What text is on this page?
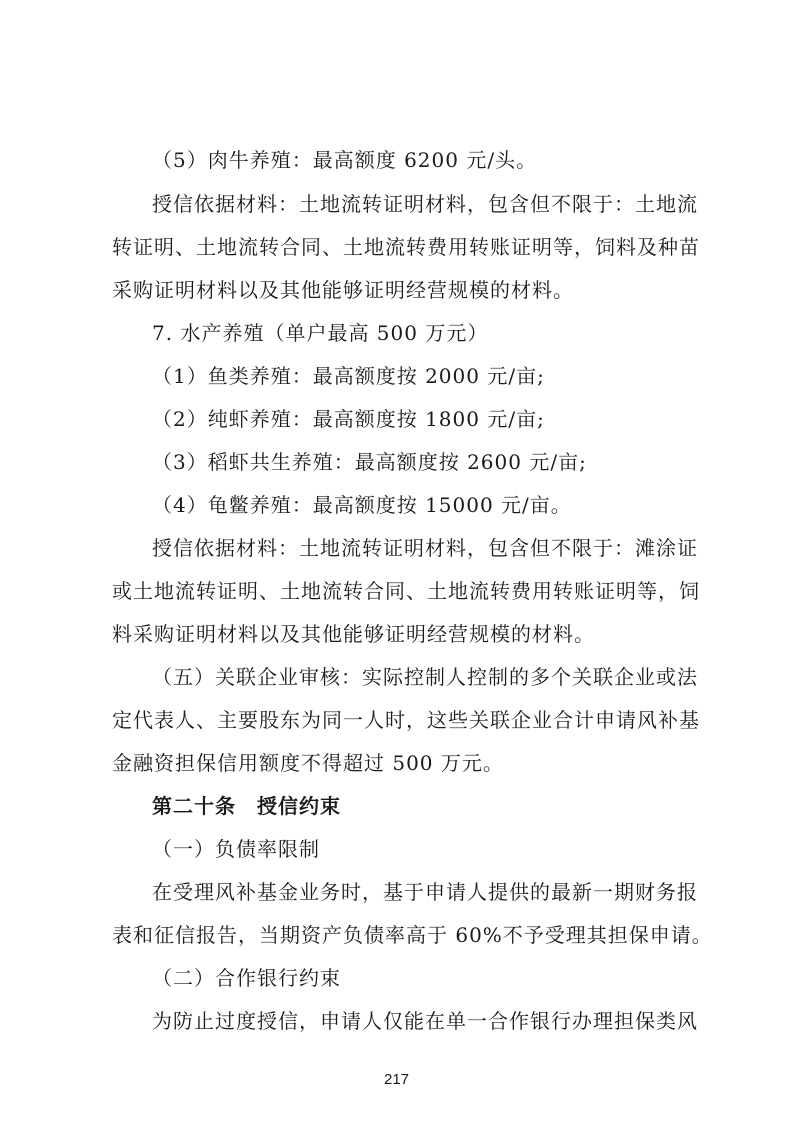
（5）肉牛养殖：最高额度 6200 元/头。
授信依据材料：土地流转证明材料，包含但不限于：土地流
转证明、土地流转合同、土地流转费用转账证明等，饲料及种苗
采购证明材料以及其他能够证明经营规模的材料。
7. 水产养殖（单户最高 500 万元）
（1）鱼类养殖：最高额度按 2000 元/亩;
（2）纯虾养殖：最高额度按 1800 元/亩;
（3）稻虾共生养殖：最高额度按 2600 元/亩;
（4）龟鳖养殖：最高额度按 15000 元/亩。
授信依据材料：土地流转证明材料，包含但不限于：滩涂证
或土地流转证明、土地流转合同、土地流转费用转账证明等，饲
料采购证明材料以及其他能够证明经营规模的材料。
（五）关联企业审核：实际控制人控制的多个关联企业或法
定代表人、主要股东为同一人时，这些关联企业合计申请风补基
金融资担保信用额度不得超过 500 万元。
第二十条　授信约束
（一）负债率限制
在受理风补基金业务时，基于申请人提供的最新一期财务报
表和征信报告，当期资产负债率高于 60%不予受理其担保申请。
（二）合作银行约束
为防止过度授信，申请人仅能在单一合作银行办理担保类风
217
